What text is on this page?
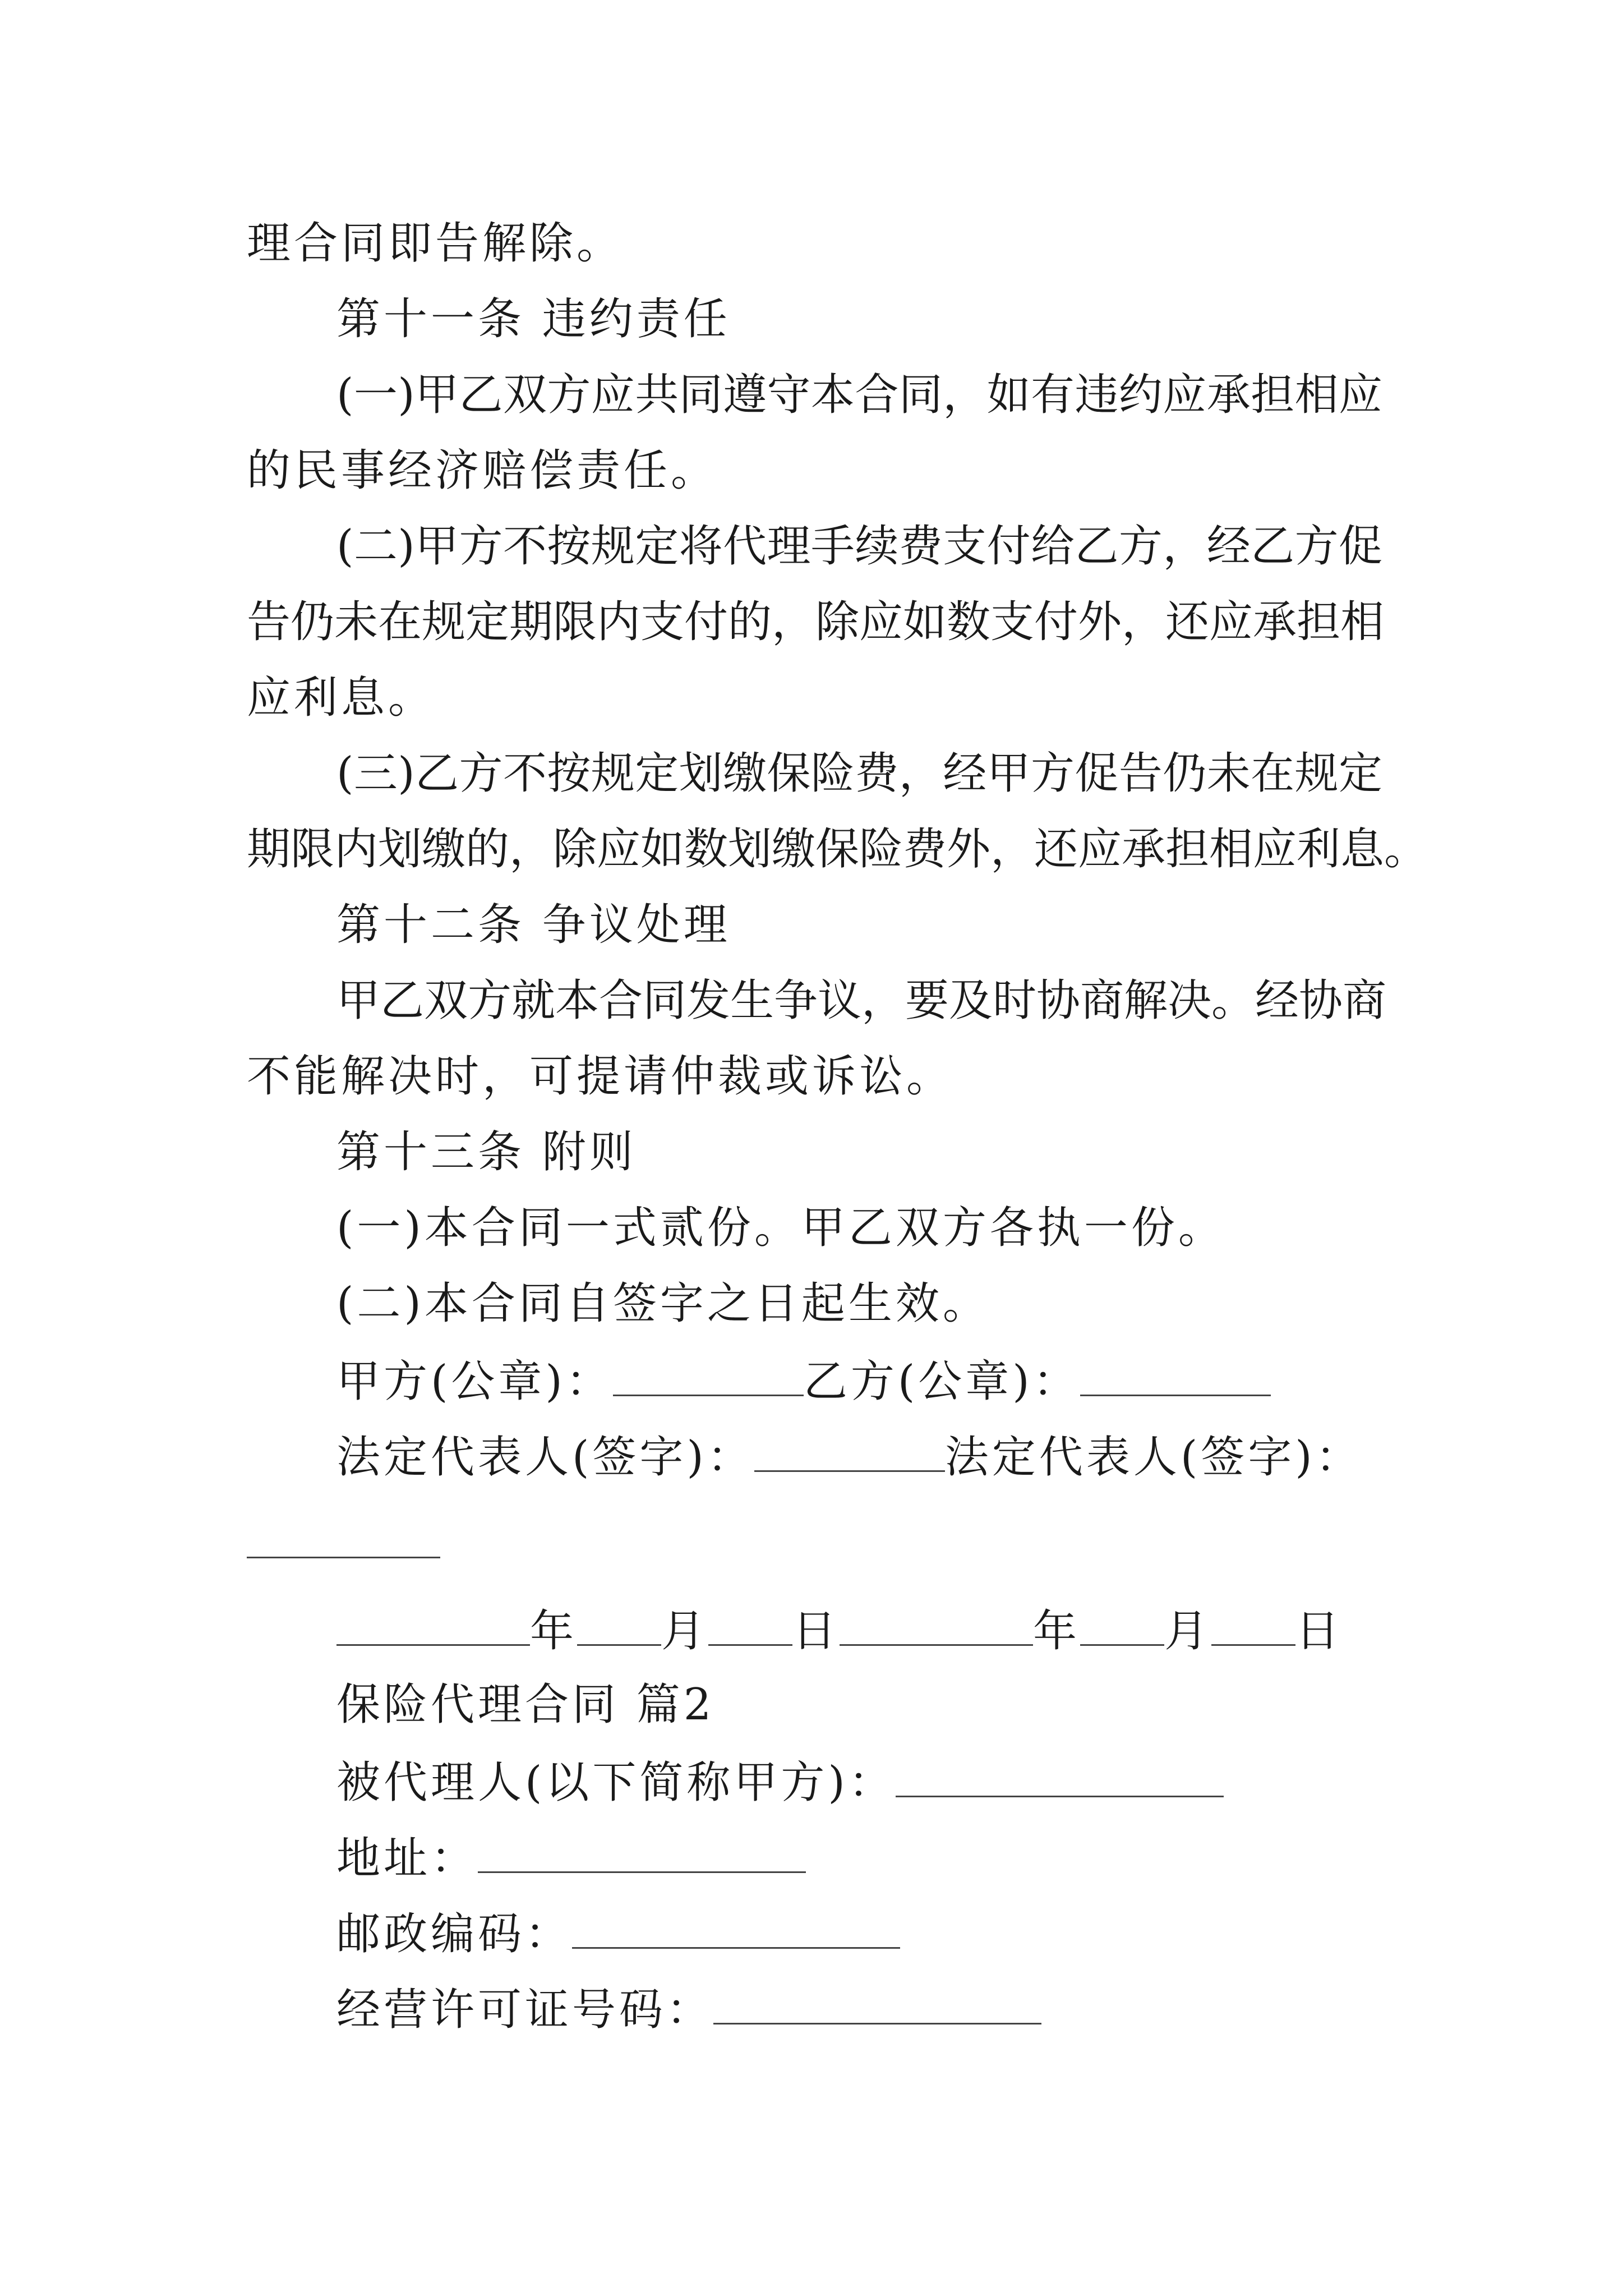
理合同即告解除。
第十一条 违约责任
(一)甲乙双方应共同遵守本合同，如有违约应承担相应
的民事经济赔偿责任。
(二)甲方不按规定将代理手续费支付给乙方，经乙方促
告仍未在规定期限内支付的，除应如数支付外，还应承担相
应利息。
(三)乙方不按规定划缴保险费，经甲方促告仍未在规定
期限内划缴的，除应如数划缴保险费外，还应承担相应利息。
第十二条 争议处理
甲乙双方就本合同发生争议，要及时协商解决。经协商
不能解决时，可提请仲裁或诉讼。
第十三条 附则
(一)本合同一式贰份。甲乙双方各执一份。
(二)本合同自签字之日起生效。
甲方(公章)：	乙方(公章)：
法定代表人(签字)：	法定代表人(签字)：
年 月 日	年 月 日
保险代理合同 篇2
被代理人(以下简称甲方)：
地址：
邮政编码：
经营许可证号码：
